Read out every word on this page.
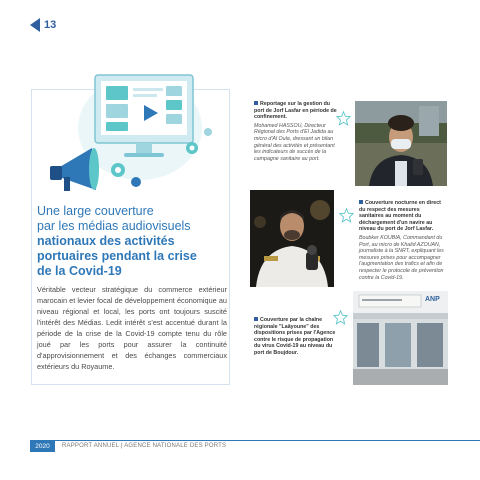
13
Une large couverture
par les médias audiovisuels
nationaux des activités
portuaires pendant la crise
de la Covid-19

Véritable vecteur stratégique du commerce extérieur marocain et levier focal de développement économique au niveau régional et local, les ports ont toujours suscité l'intérêt des Médias. Ledit intérêt s'est accentué durant la période de la crise de la Covid-19 compte tenu du rôle joué par les ports pour assurer la continuité d'approvisionnement et des échanges commerciaux extérieurs du Royaume.

Reportage sur la gestion du port de Jorf Lasfar en période de confinement.
Mohamed HASSOU, Directeur Régional des Ports d'El Jadida au micro d'Al Oula, dressant un bilan général des activités et présentant les indicateurs de succès de la campagne sanitaire au port.
Couverture nocturne en direct du respect des mesures sanitaires au moment du déchargement d'un navire au niveau du port de Jorf Lasfar.
Boubker KOUBIA, Commandant du Port, au micro de Khalid AZOUAN, journaliste à la SNRT, expliquant les mesures prises pour accompagner l'augmentation des trafics et afin de respecter le protocole de prévention contre la Covid-19.
Couverture par la chaîne régionale "Laâyoune" des dispositions prises par l'Agence contre le risque de propagation du virus Covid-19 au niveau du port de Boujdour.
ANP
2020	RAPPORT ANNUEL | AGENCE NATIONALE DES PORTS
